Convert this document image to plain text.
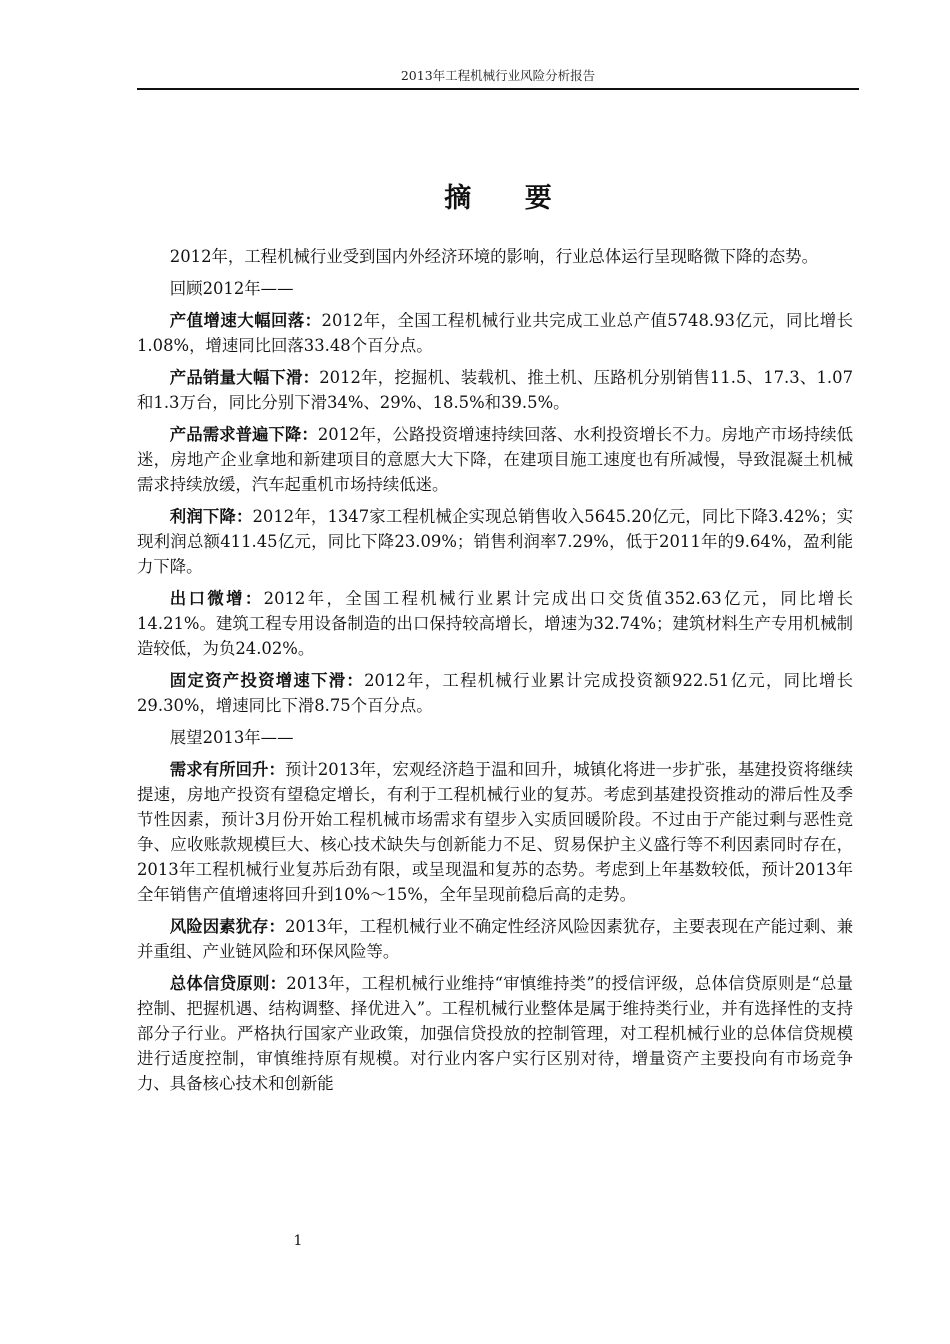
2013年工程机械行业风险分析报告
摘 要

2012年，工程机械行业受到国内外经济环境的影响，行业总体运行呈现略微下降的态势。

回顾2012年——

产值增速大幅回落：2012年，全国工程机械行业共完成工业总产值5748.93亿元，同比增长1.08%，增速同比回落33.48个百分点。

产品销量大幅下滑：2012年，挖掘机、装载机、推土机、压路机分别销售11.5、17.3、1.07和1.3万台，同比分别下滑34%、29%、18.5%和39.5%。

产品需求普遍下降：2012年，公路投资增速持续回落、水利投资增长不力。房地产市场持续低迷，房地产企业拿地和新建项目的意愿大大下降，在建项目施工速度也有所减慢，导致混凝土机械需求持续放缓，汽车起重机市场持续低迷。

利润下降：2012年，1347家工程机械企实现总销售收入5645.20亿元，同比下降3.42%；实现利润总额411.45亿元，同比下降23.09%；销售利润率7.29%，低于2011年的9.64%，盈利能力下降。

出口微增：2012年，全国工程机械行业累计完成出口交货值352.63亿元，同比增长14.21%。建筑工程专用设备制造的出口保持较高增长，增速为32.74%；建筑材料生产专用机械制造较低，为负24.02%。

固定资产投资增速下滑：2012年，工程机械行业累计完成投资额922.51亿元，同比增长29.30%，增速同比下滑8.75个百分点。

展望2013年——

需求有所回升：预计2013年，宏观经济趋于温和回升，城镇化将进一步扩张，基建投资将继续提速，房地产投资有望稳定增长，有利于工程机械行业的复苏。考虑到基建投资推动的滞后性及季节性因素，预计3月份开始工程机械市场需求有望步入实质回暖阶段。不过由于产能过剩与恶性竞争、应收账款规模巨大、核心技术缺失与创新能力不足、贸易保护主义盛行等不利因素同时存在，2013年工程机械行业复苏后劲有限，或呈现温和复苏的态势。考虑到上年基数较低，预计2013年全年销售产值增速将回升到10%～15%，全年呈现前稳后高的走势。

风险因素犹存：2013年，工程机械行业不确定性经济风险因素犹存，主要表现在产能过剩、兼并重组、产业链风险和环保风险等。

总体信贷原则：2013年，工程机械行业维持“审慎维持类”的授信评级，总体信贷原则是“总量控制、把握机遇、结构调整、择优进入”。工程机械行业整体是属于维持类行业，并有选择性的支持部分子行业。严格执行国家产业政策，加强信贷投放的控制管理，对工程机械行业的总体信贷规模进行适度控制，审慎维持原有规模。对行业内客户实行区别对待，增量资产主要投向有市场竞争力、具备核心技术和创新能

1
